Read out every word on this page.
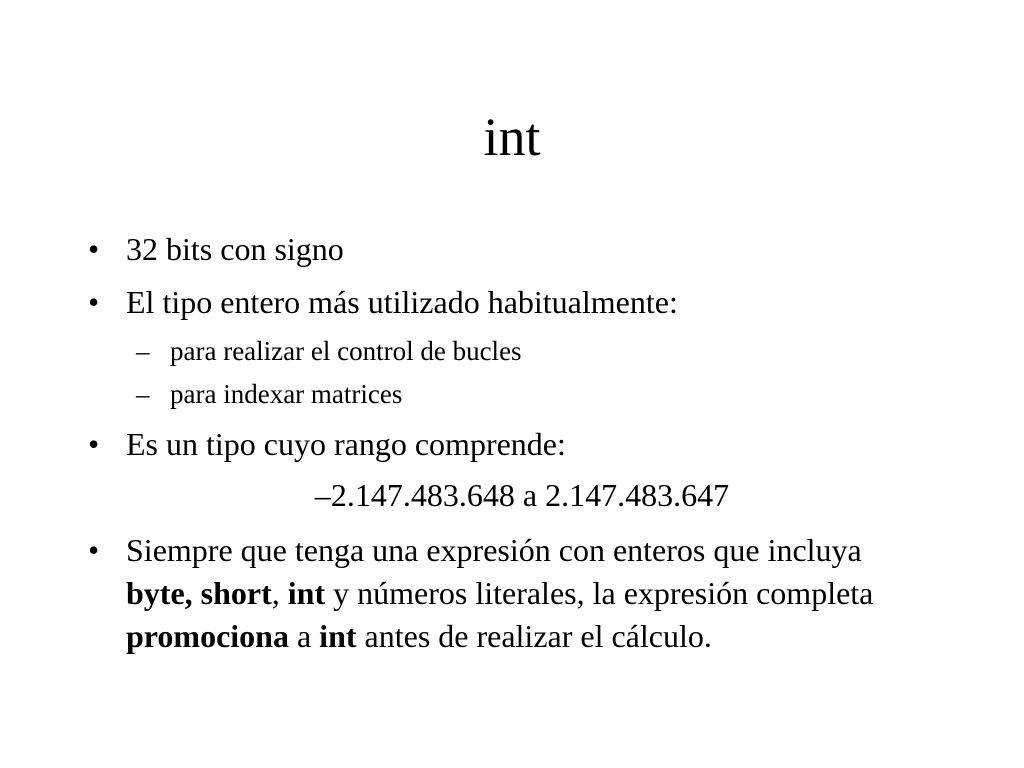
int
• 32 bits con signo
• El tipo entero más utilizado habitualmente:
– para realizar el control de bucles
– para indexar matrices
• Es un tipo cuyo rango comprende:
–2.147.483.648 a 2.147.483.647
• Siempre que tenga una expresión con enteros que incluya byte, short, int y números literales, la expresión completa promociona a int antes de realizar el cálculo.
